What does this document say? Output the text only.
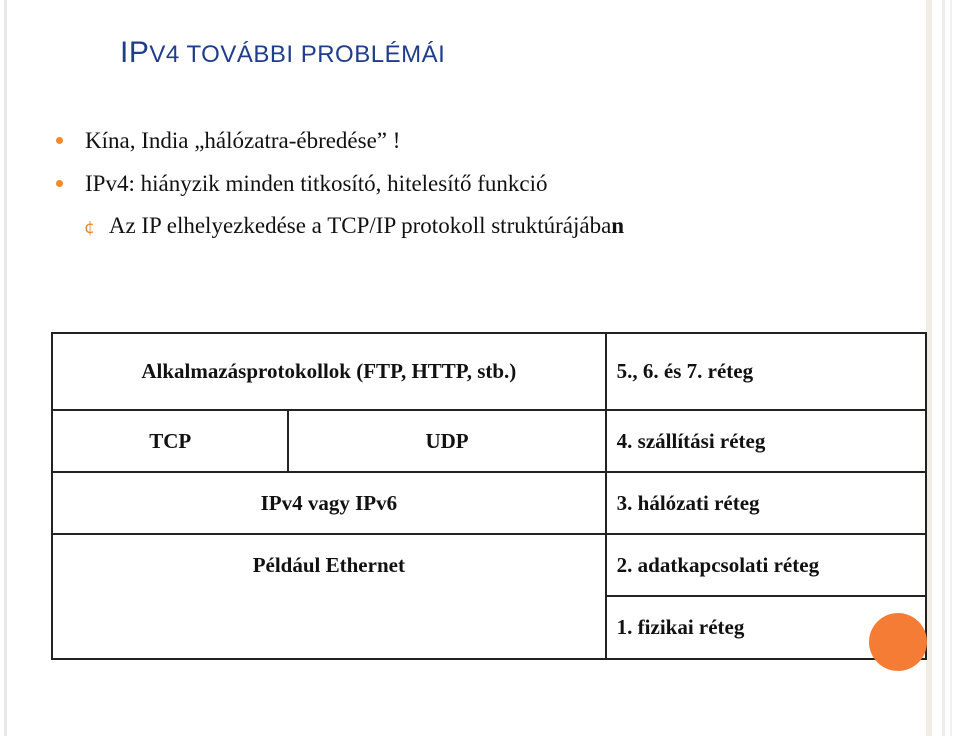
IPV4 TOVÁBBI PROBLÉMÁI
Kína, India „hálózatra-ébredése” !
IPv4: hiányzik minden titkosító, hitelesítő funkció
¢ Az IP elhelyezkedése a TCP/IP protokoll struktúrájában
Alkalmazásprotokollok (FTP, HTTP, stb.)		5., 6. és 7. réteg
TCP	UDP	4. szállítási réteg
IPv4 vagy IPv6		3. hálózati réteg
Például Ethernet		2. adatkapcsolati réteg
		1. fizikai réteg
